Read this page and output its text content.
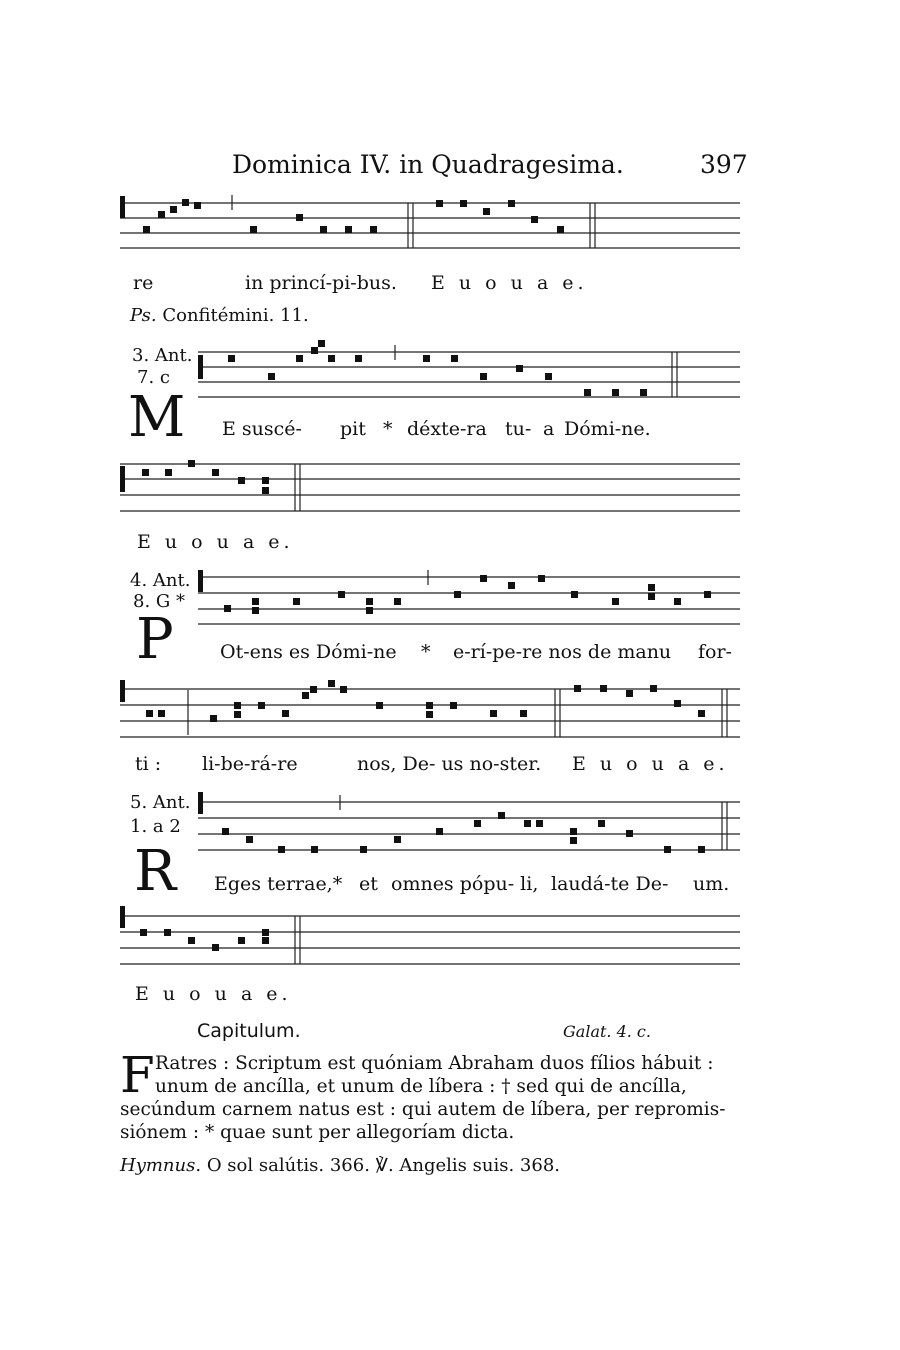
Dominica IV. in Quadragesima.	397
re	in princí-pi-bus. E u o u a e.
Ps. Confitémini. 11.
3. Ant.
7. c
M E suscé- pit * déxte-ra tu- a Dómi-ne.
E u o u a e.
4. Ant.
8. G *
P Ot-ens es Dómi-ne * e-rí-pe-re nos de manu for-
ti : li-be-rá-re	nos, De- us no-ster. E u o u a e.
5. Ant.
1. a 2
R Eges terrae,* et omnes pópu- li, laudá-te De- um.
E u o u a e.
Capitulum.	Galat. 4. c.
F Ratres : Scriptum est quóniam Abraham duos fílios hábuit :
unum de ancílla, et unum de líbera : † sed qui de ancílla,
secúndum carnem natus est : qui autem de líbera, per repromis-
siónem : * quae sunt per allegoríam dicta.
Hymnus. O sol salútis. 366. ℣. Angelis suis. 368.
